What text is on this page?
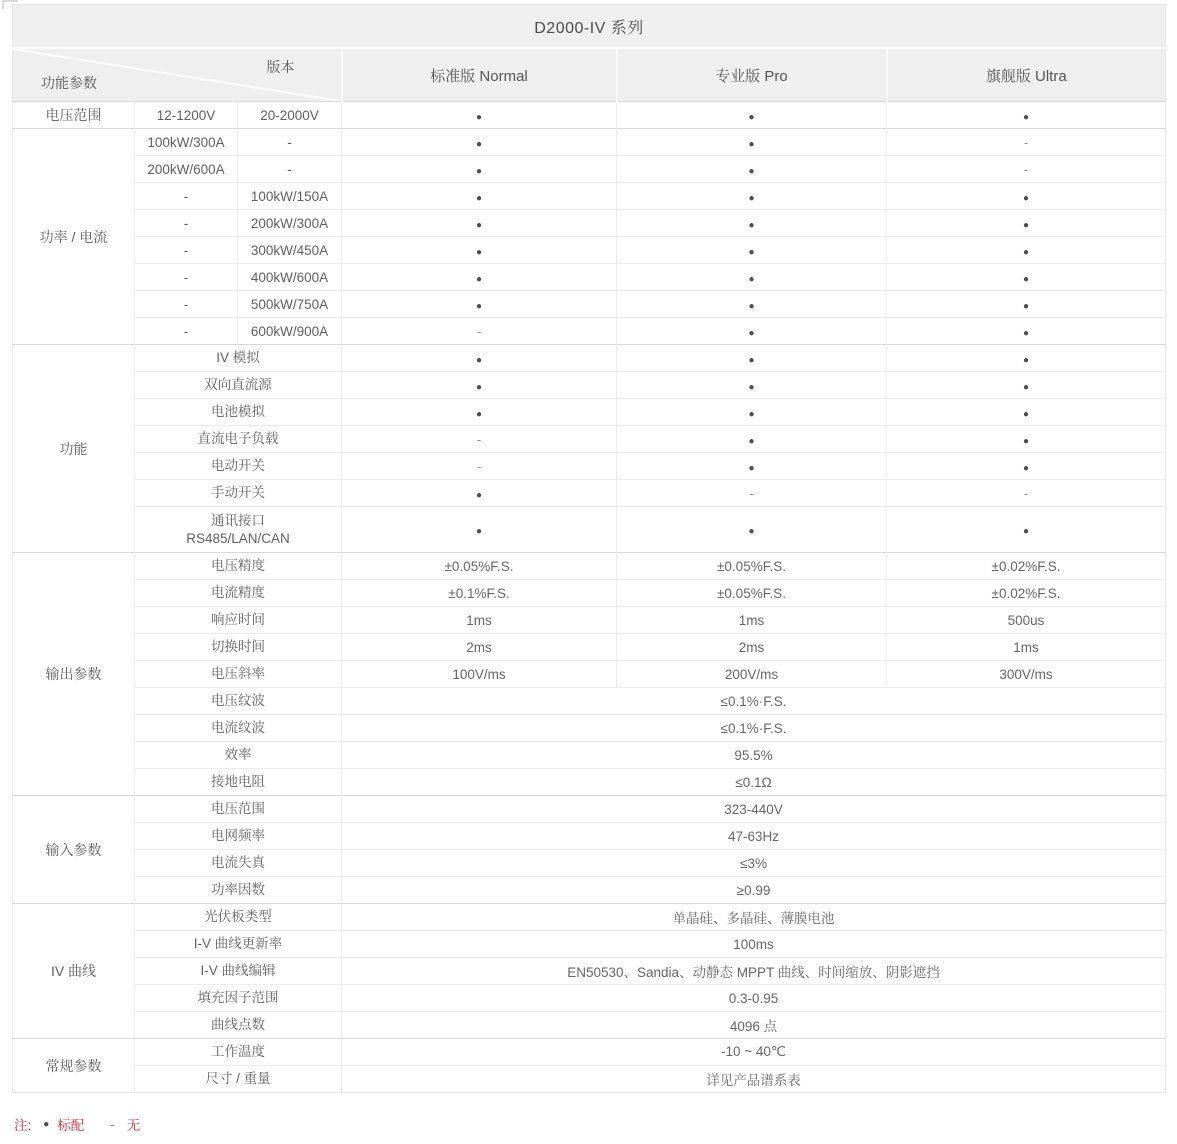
D2000-IV 系列					

功能参数
版本			标准版 Normal	专业版 Pro	旗舰版 Ultra
电压范围	12-1200V	20-2000V	●	●	●
功率 / 电流	100kW/300A	-	●	●	-
	200kW/600A	-	●	●	-
	-	100kW/150A	●	●	●
	-	200kW/300A	●	●	●
	-	300kW/450A	●	●	●
	-	400kW/600A	●	●	●
	-	500kW/750A	●	●	●
	-	600kW/900A	-	●	●
功能	IV 模拟		●	●	●

	双向直流源		●	●	●

	电池模拟		●	●	●

	直流电子负载		-	●	●

	电动开关		-	●	●

	手动开关		●	-	-

	通讯接口
RS485/LAN/CAN		●	●	●
输出参数	电压精度		±0.05%F.S.	±0.05%F.S.	±0.02%F.S.

	电流精度		±0.1%F.S.	±0.05%F.S.	±0.02%F.S.

	响应时间		1ms	1ms	500us

	切换时间		2ms	2ms	1ms

	电压斜率		100V/ms	200V/ms	300V/ms

	电压纹波		≤0.1%·F.S.		

	电流纹波		≤0.1%·F.S.		

	效率		95.5%		

	接地电阻		≤0.1Ω		
输入参数	电压范围		323-440V		

	电网频率		47-63Hz		

	电流失真		≤3%		

	功率因数		≥0.99		
IV 曲线	光伏板类型		单晶硅、多晶硅、薄膜电池		

	I-V 曲线更新率		100ms		

	I-V 曲线编辑		EN50530、Sandia、动静态 MPPT 曲线、时间缩放、阴影遮挡		

	填充因子范围		0.3-0.95		

	曲线点数		4096 点		
常规参数	工作温度		-10 ~ 40℃		

	尺寸 / 重量		详见产品谱系表		
注: ● 标配 - 无
